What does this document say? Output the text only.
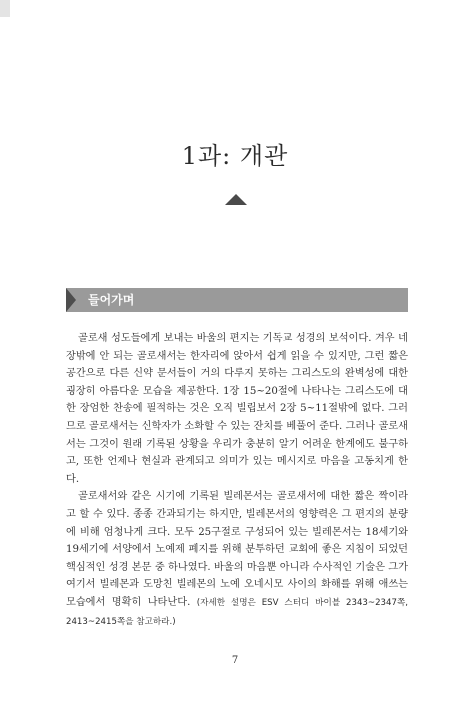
1과: 개관
들어가며

골로새 성도들에게 보내는 바울의 편지는 기독교 성경의 보석이다. 겨우 네 장밖에 안 되는 골로새서는 한자리에 앉아서 쉽게 읽을 수 있지만, 그런 짧은 공간으로 다른 신약 문서들이 거의 다루지 못하는 그리스도의 완벽성에 대한 굉장히 아름다운 모습을 제공한다. 1장 15~20절에 나타나는 그리스도에 대한 장엄한 찬송에 필적하는 것은 오직 빌립보서 2장 5~11절밖에 없다. 그러므로 골로새서는 신학자가 소화할 수 있는 잔치를 베풀어 준다. 그러나 골로새서는 그것이 원래 기록된 상황을 우리가 충분히 알기 어려운 한계에도 불구하고, 또한 언제나 현실과 관계되고 의미가 있는 메시지로 마음을 고동치게 한다.

골로새서와 같은 시기에 기록된 빌레몬서는 골로새서에 대한 짧은 짝이라고 할 수 있다. 종종 간과되기는 하지만, 빌레몬서의 영향력은 그 편지의 분량에 비해 엄청나게 크다. 모두 25구절로 구성되어 있는 빌레몬서는 18세기와 19세기에 서양에서 노예제 폐지를 위해 분투하던 교회에 좋은 지침이 되었던 핵심적인 성경 본문 중 하나였다. 바울의 마음뿐 아니라 수사적인 기술은 그가 여기서 빌레몬과 도망친 빌레몬의 노예 오네시모 사이의 화해를 위해 애쓰는 모습에서 명확히 나타난다. (자세한 설명은 ESV 스터디 바이블 2343~2347쪽, 2413~2415쪽을 참고하라.)

7
